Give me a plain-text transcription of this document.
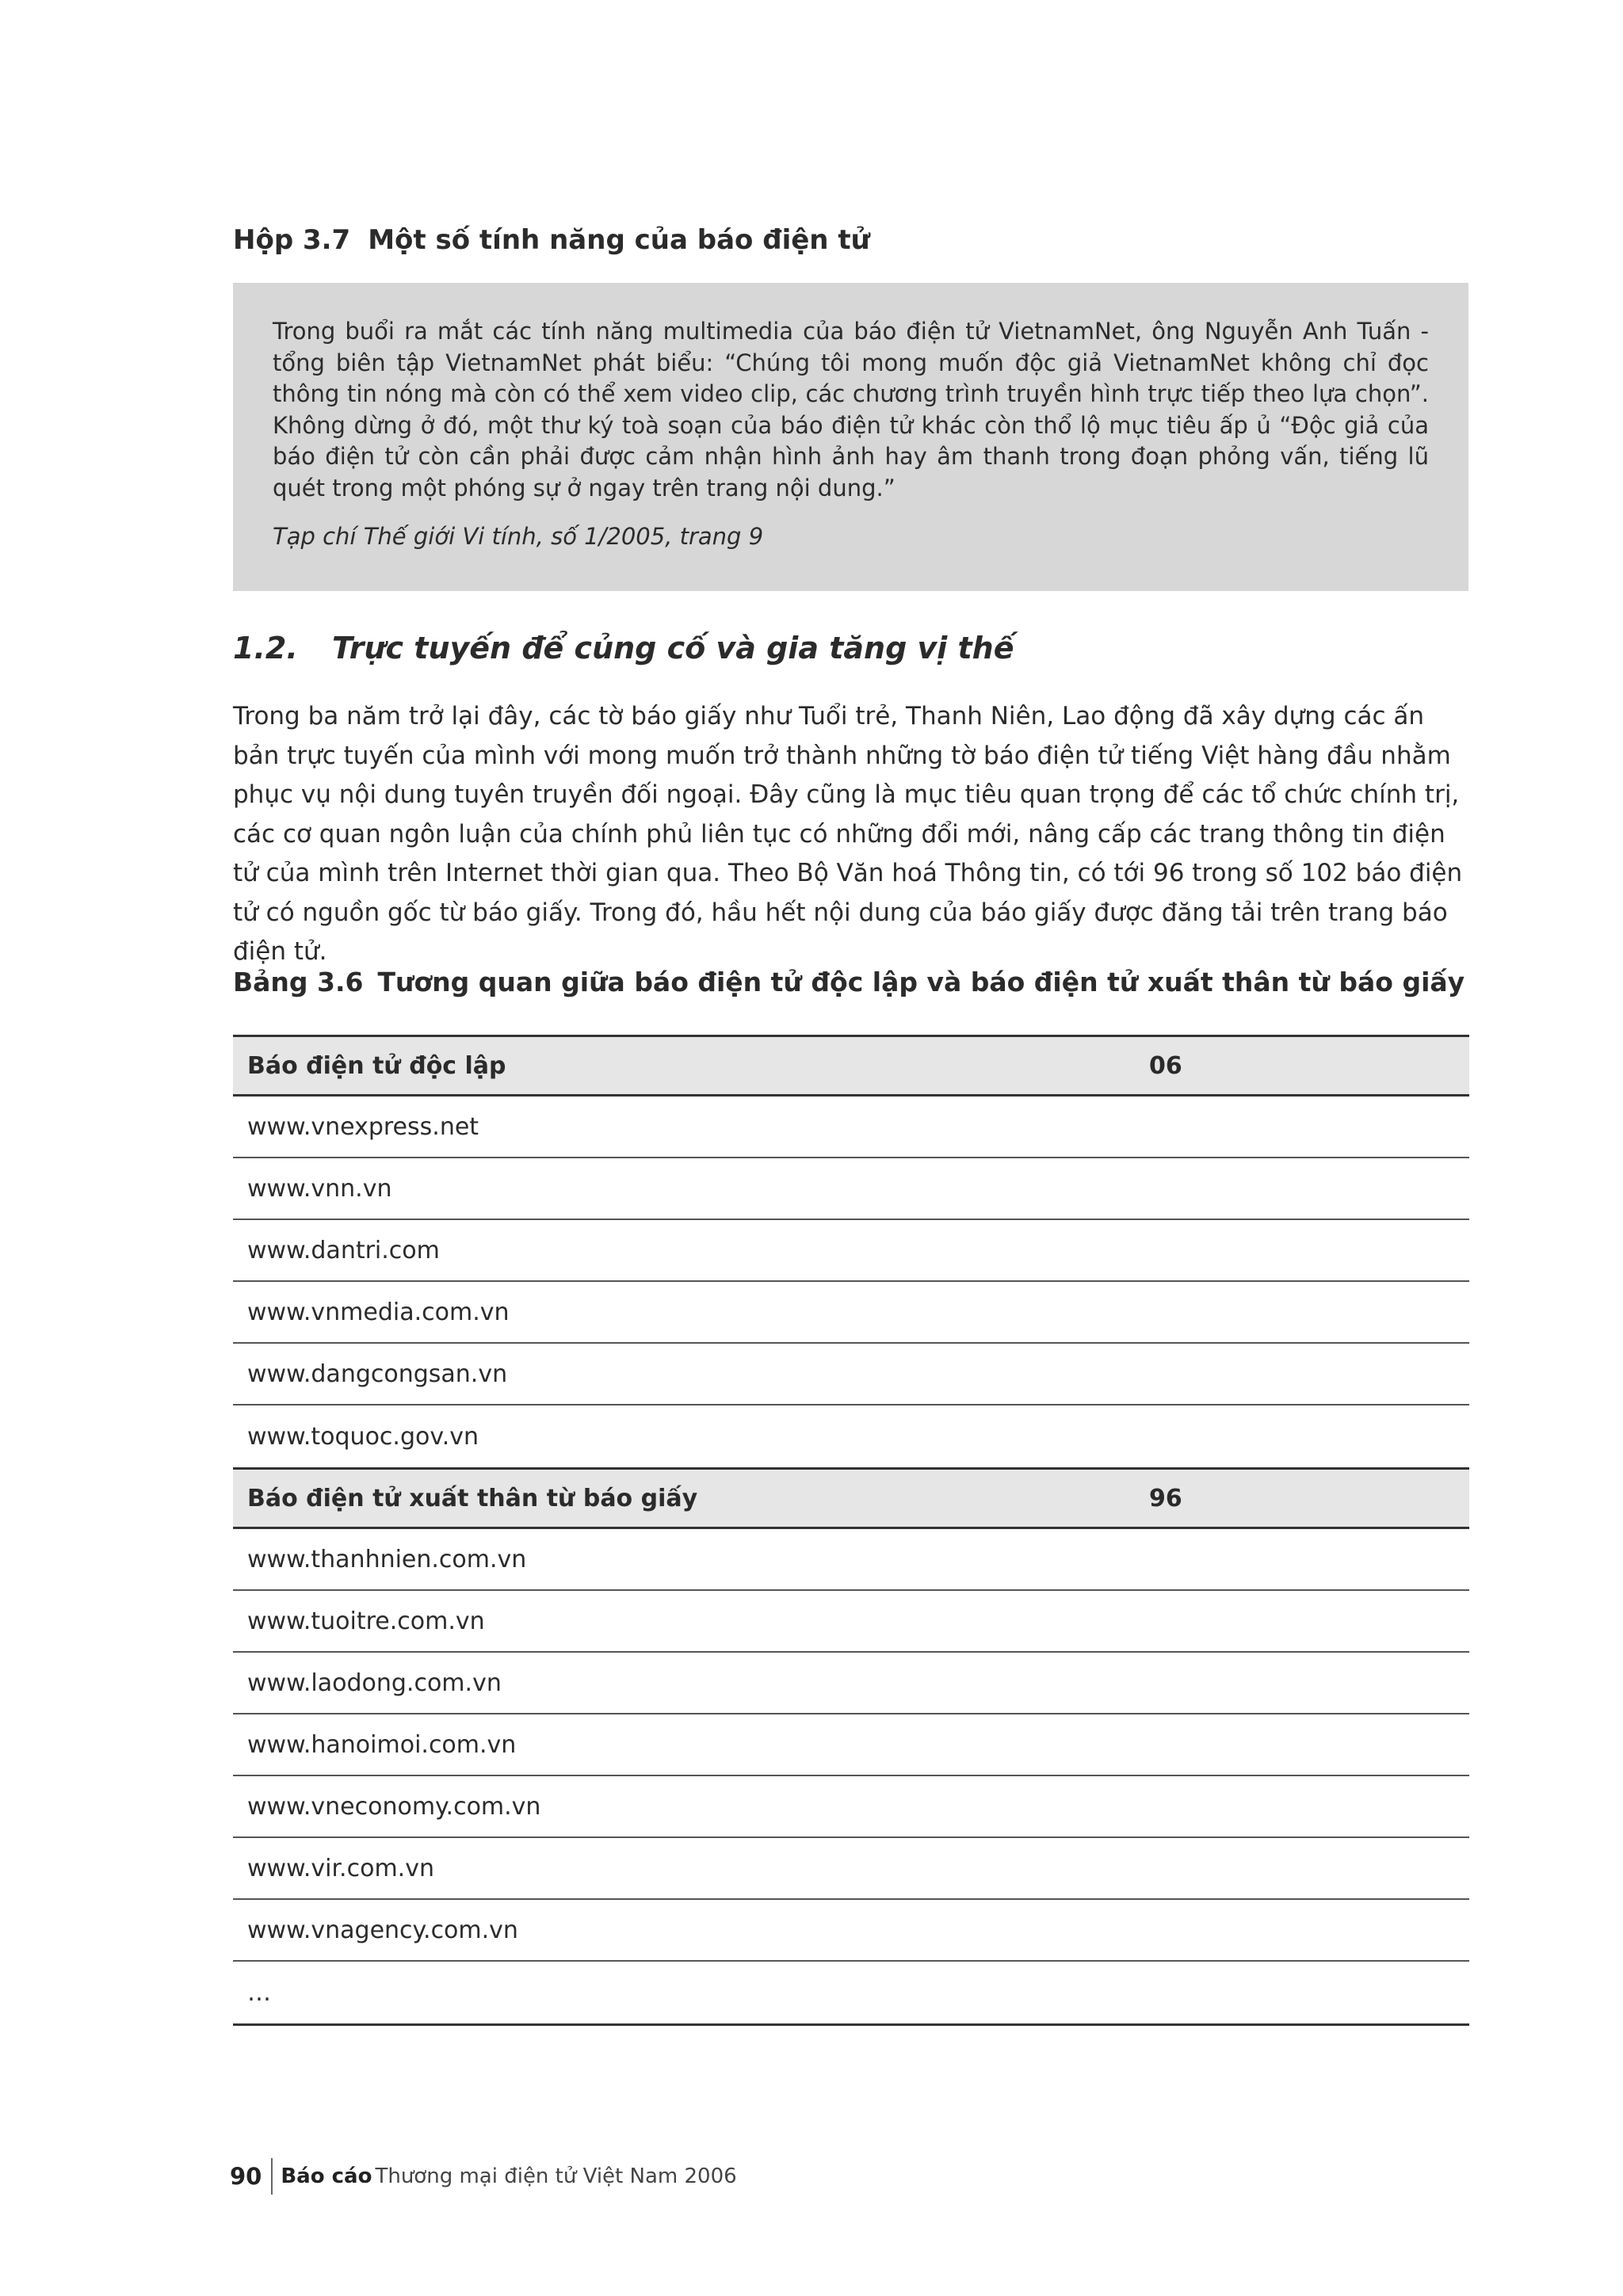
Hộp 3.7 Một số tính năng của báo điện tử

Trong buổi ra mắt các tính năng multimedia của báo điện tử VietnamNet, ông Nguyễn Anh Tuấn - tổng biên tập VietnamNet phát biểu: “Chúng tôi mong muốn độc giả VietnamNet không chỉ đọc thông tin nóng mà còn có thể xem video clip, các chương trình truyền hình trực tiếp theo lựa chọn”. Không dừng ở đó, một thư ký toà soạn của báo điện tử khác còn thổ lộ mục tiêu ấp ủ “Độc giả của báo điện tử còn cần phải được cảm nhận hình ảnh hay âm thanh trong đoạn phỏng vấn, tiếng lũ quét trong một phóng sự ở ngay trên trang nội dung.”

Tạp chí Thế giới Vi tính, số 1/2005, trang 9
1.2. Trực tuyến để củng cố và gia tăng vị thế

Trong ba năm trở lại đây, các tờ báo giấy như Tuổi trẻ, Thanh Niên, Lao động đã xây dựng các ấn bản trực tuyến của mình với mong muốn trở thành những tờ báo điện tử tiếng Việt hàng đầu nhằm phục vụ nội dung tuyên truyền đối ngoại. Đây cũng là mục tiêu quan trọng để các tổ chức chính trị, các cơ quan ngôn luận của chính phủ liên tục có những đổi mới, nâng cấp các trang thông tin điện tử của mình trên Internet thời gian qua. Theo Bộ Văn hoá Thông tin, có tới 96 trong số 102 báo điện tử có nguồn gốc từ báo giấy. Trong đó, hầu hết nội dung của báo giấy được đăng tải trên trang báo điện tử.

Bảng 3.6 Tương quan giữa báo điện tử độc lập và báo điện tử xuất thân từ báo giấy
Báo điện tử độc lập	06
www.vnexpress.net
www.vnn.vn
www.dantri.com
www.vnmedia.com.vn
www.dangcongsan.vn
www.toquoc.gov.vn
Báo điện tử xuất thân từ báo giấy	96
www.thanhnien.com.vn
www.tuoitre.com.vn
www.laodong.com.vn
www.hanoimoi.com.vn
www.vneconomy.com.vn
www.vir.com.vn
www.vnagency.com.vn
…
90 Báo cáo Thương mại điện tử Việt Nam 2006
